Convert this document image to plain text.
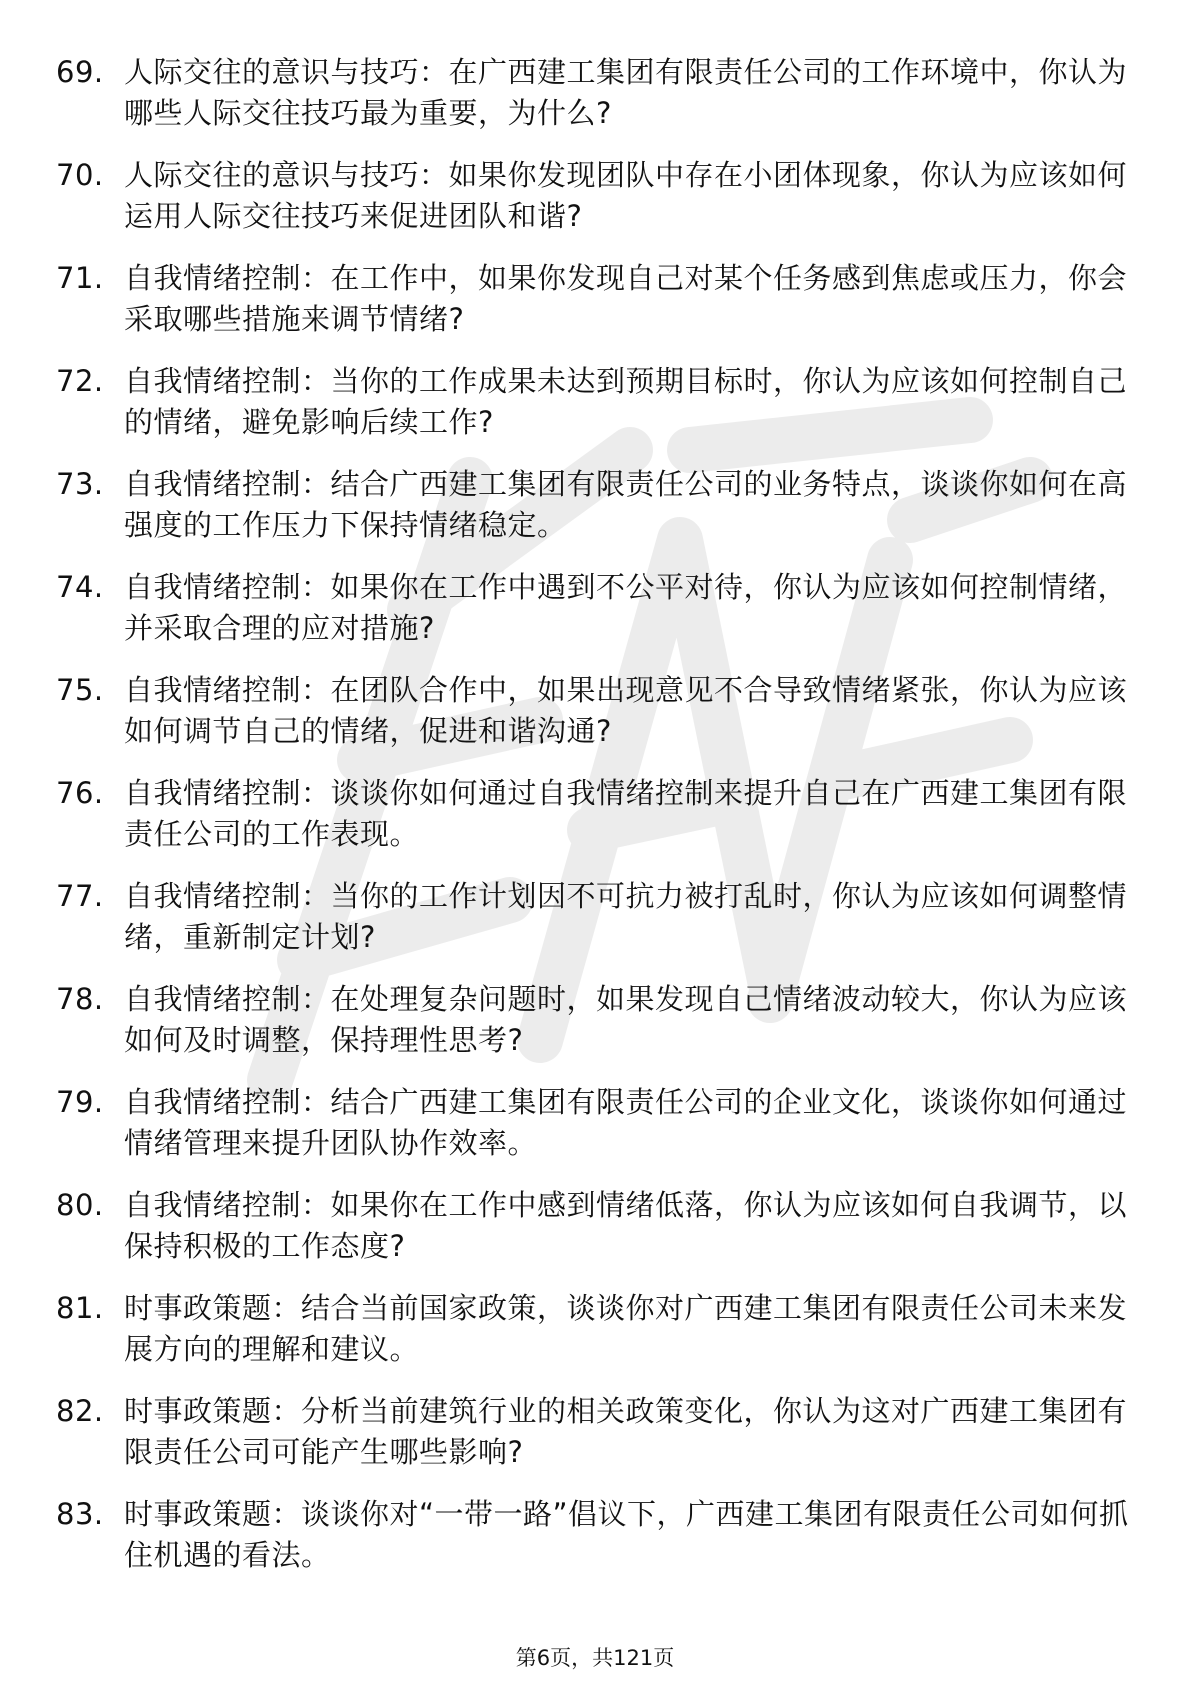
69. 人际交往的意识与技巧：在广西建工集团有限责任公司的工作环境中，你认为哪些人际交往技巧最为重要，为什么?
70. 人际交往的意识与技巧：如果你发现团队中存在小团体现象，你认为应该如何运用人际交往技巧来促进团队和谐?
71. 自我情绪控制：在工作中，如果你发现自己对某个任务感到焦虑或压力，你会采取哪些措施来调节情绪?
72. 自我情绪控制：当你的工作成果未达到预期目标时，你认为应该如何控制自己的情绪，避免影响后续工作?
73. 自我情绪控制：结合广西建工集团有限责任公司的业务特点，谈谈你如何在高强度的工作压力下保持情绪稳定。
74. 自我情绪控制：如果你在工作中遇到不公平对待，你认为应该如何控制情绪，并采取合理的应对措施?
75. 自我情绪控制：在团队合作中，如果出现意见不合导致情绪紧张，你认为应该如何调节自己的情绪，促进和谐沟通?
76. 自我情绪控制：谈谈你如何通过自我情绪控制来提升自己在广西建工集团有限责任公司的工作表现。
77. 自我情绪控制：当你的工作计划因不可抗力被打乱时，你认为应该如何调整情绪，重新制定计划?
78. 自我情绪控制：在处理复杂问题时，如果发现自己情绪波动较大，你认为应该如何及时调整，保持理性思考?
79. 自我情绪控制：结合广西建工集团有限责任公司的企业文化，谈谈你如何通过情绪管理来提升团队协作效率。
80. 自我情绪控制：如果你在工作中感到情绪低落，你认为应该如何自我调节，以保持积极的工作态度?
81. 时事政策题：结合当前国家政策，谈谈你对广西建工集团有限责任公司未来发展方向的理解和建议。
82. 时事政策题：分析当前建筑行业的相关政策变化，你认为这对广西建工集团有限责任公司可能产生哪些影响?
83. 时事政策题：谈谈你对“一带一路”倡议下，广西建工集团有限责任公司如何抓住机遇的看法。
第6页，共121页
